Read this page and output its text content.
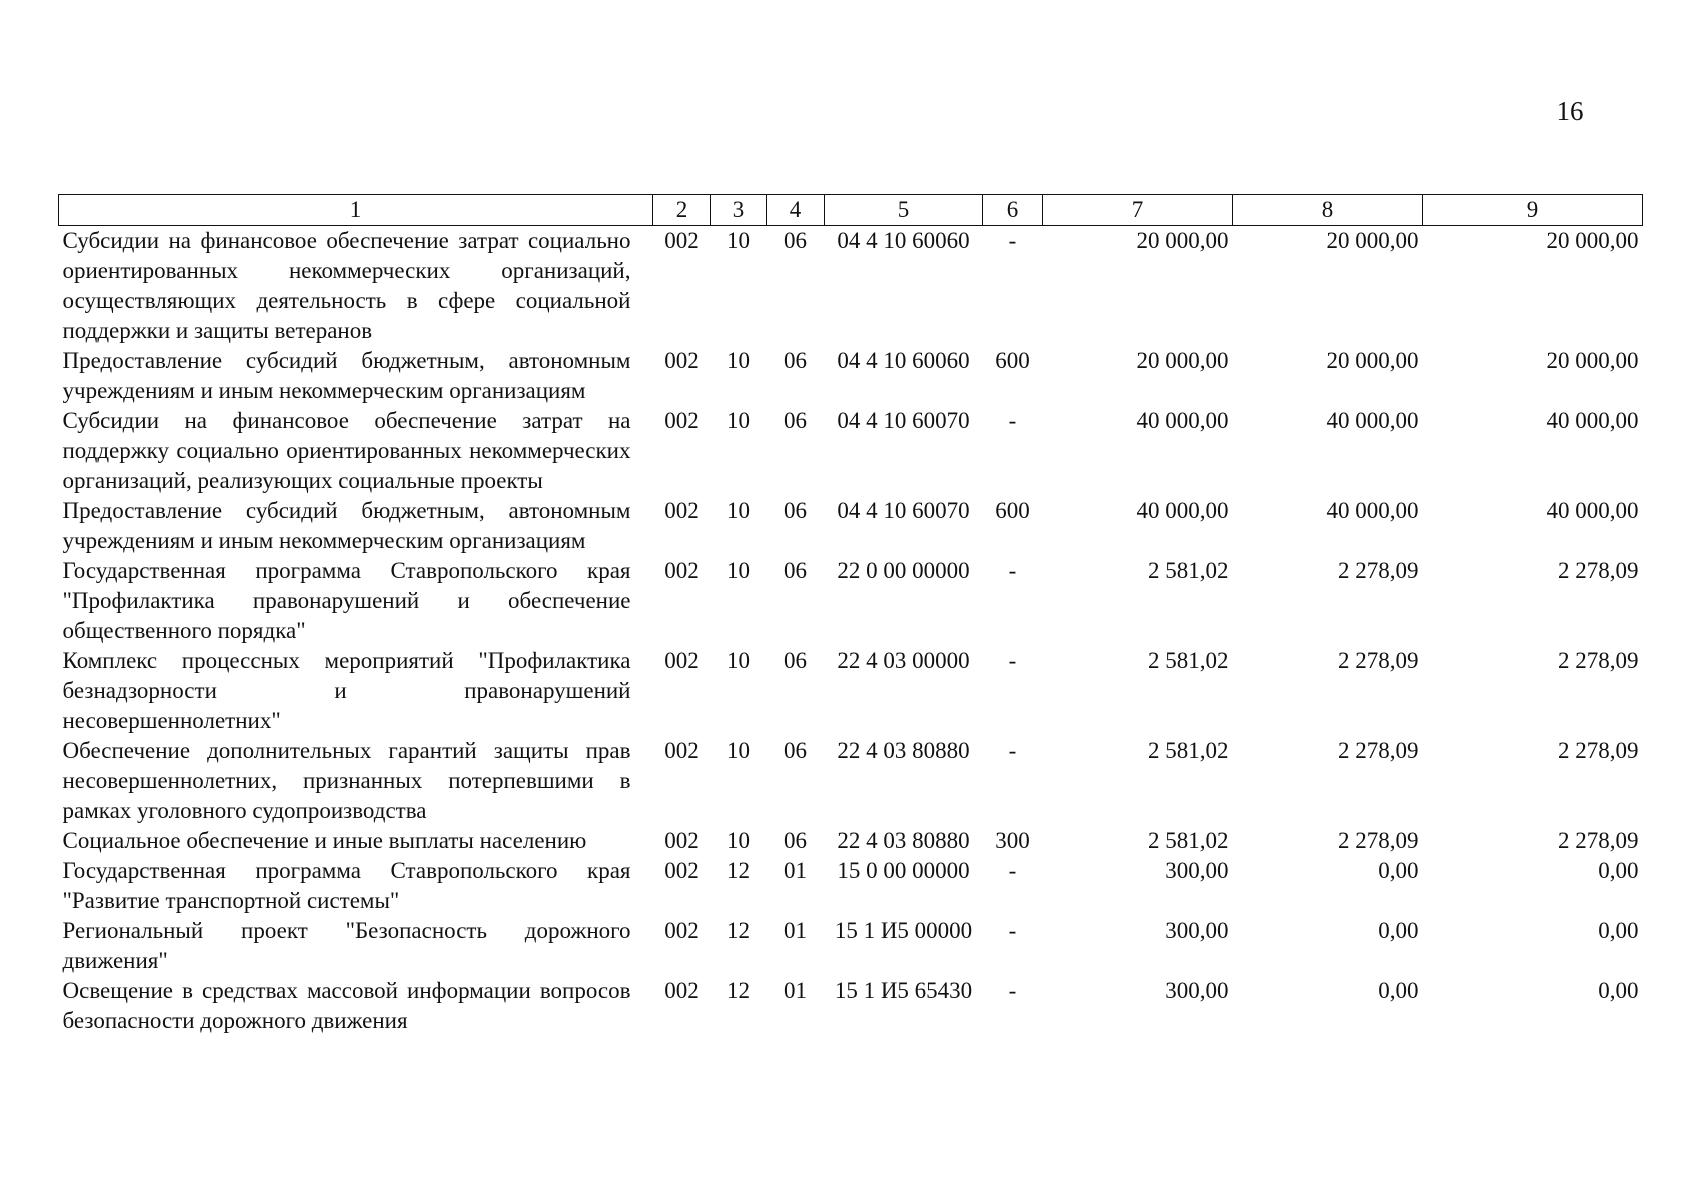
16
1	2	3	4	5	6	7	8	9
Субсидии на финансовое обеспечение затрат социально ориентированных некоммерческих организаций, осуществляющих деятельность в сфере социальной поддержки и защиты ветеранов	002	10	06	04 4 10 60060	-	20 000,00	20 000,00	20 000,00
Предоставление субсидий бюджетным, автономным учреждениям и иным некоммерческим организациям	002	10	06	04 4 10 60060	600	20 000,00	20 000,00	20 000,00
Субсидии на финансовое обеспечение затрат на поддержку социально ориентированных некоммерческих организаций, реализующих социальные проекты	002	10	06	04 4 10 60070	-	40 000,00	40 000,00	40 000,00
Предоставление субсидий бюджетным, автономным учреждениям и иным некоммерческим организациям	002	10	06	04 4 10 60070	600	40 000,00	40 000,00	40 000,00
Государственная программа Ставропольского края "Профилактика правонарушений и обеспечение общественного порядка"	002	10	06	22 0 00 00000	-	2 581,02	2 278,09	2 278,09
Комплекс процессных мероприятий "Профилактика безнадзорности и правонарушений несовершеннолетних"	002	10	06	22 4 03 00000	-	2 581,02	2 278,09	2 278,09
Обеспечение дополнительных гарантий защиты прав несовершеннолетних, признанных потерпевшими в рамках уголовного судопроизводства	002	10	06	22 4 03 80880	-	2 581,02	2 278,09	2 278,09
Социальное обеспечение и иные выплаты населению	002	10	06	22 4 03 80880	300	2 581,02	2 278,09	2 278,09
Государственная программа Ставропольского края "Развитие транспортной системы"	002	12	01	15 0 00 00000	-	300,00	0,00	0,00
Региональный проект "Безопасность дорожного движения"	002	12	01	15 1 И5 00000	-	300,00	0,00	0,00
Освещение в средствах массовой информации вопросов безопасности дорожного движения	002	12	01	15 1 И5 65430	-	300,00	0,00	0,00
